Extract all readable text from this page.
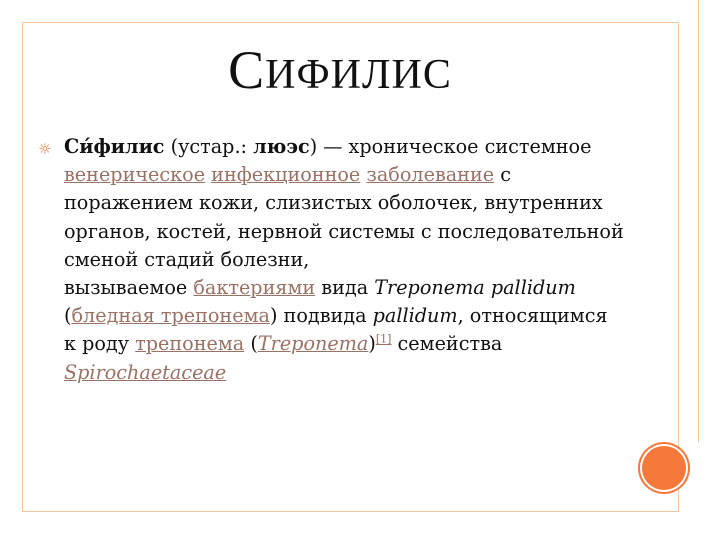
СИФИЛИС
☼ Си́филис (устар.: люэс) — хроническое системное венерическое инфекционное заболевание с поражением кожи, слизистых оболочек, внутренних органов, костей, нервной системы с последовательной сменой стадий болезни,
вызываемое бактериями вида Treponema pallidum (бледная трепонема) подвида pallidum, относящимся к роду трепонема (Treponema)[1] семейства Spirochaetaceae
